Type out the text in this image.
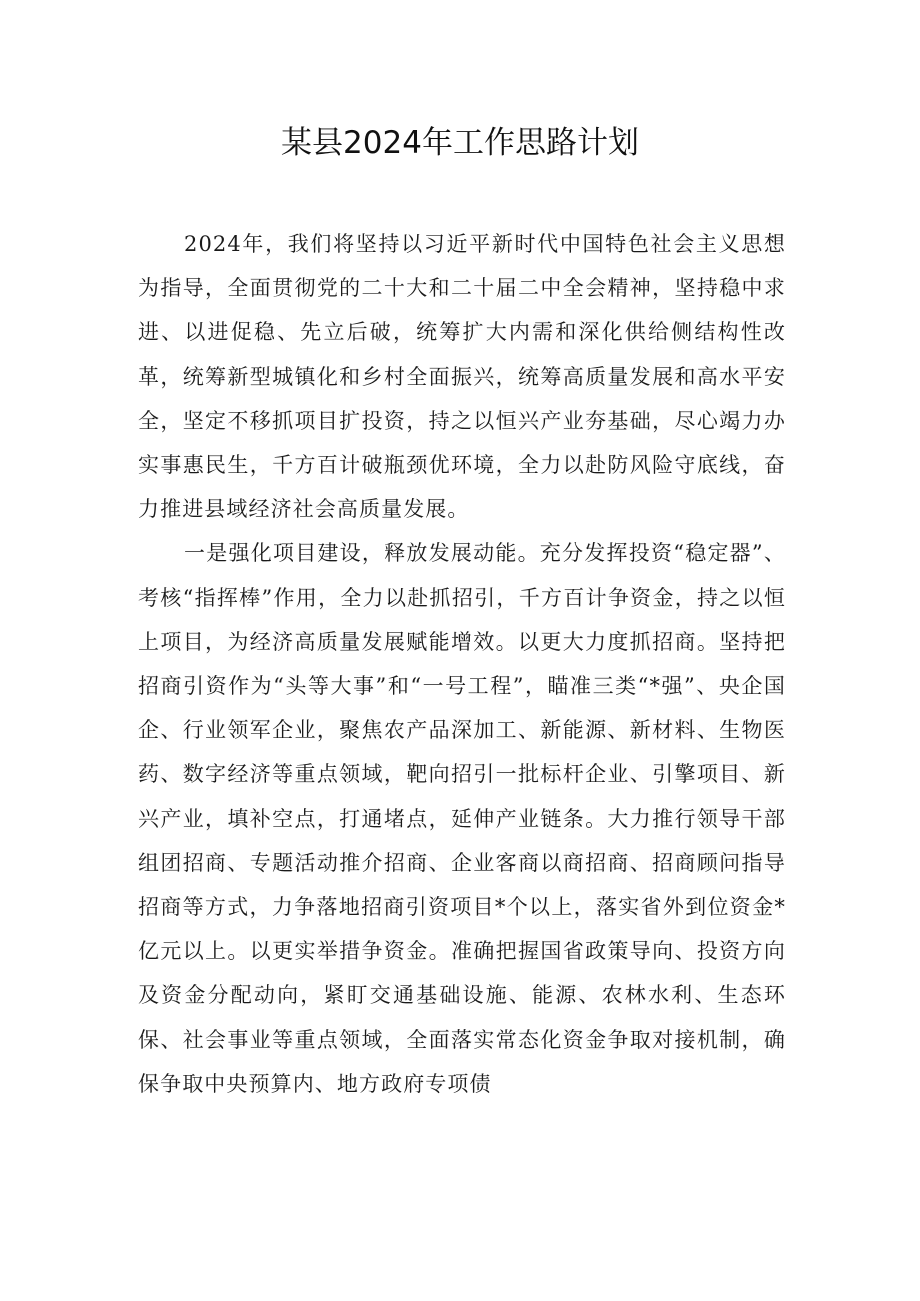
某县2024年工作思路计划

2024年，我们将坚持以习近平新时代中国特色社会主义思想为指导，全面贯彻党的二十大和二十届二中全会精神，坚持稳中求进、以进促稳、先立后破，统筹扩大内需和深化供给侧结构性改革，统筹新型城镇化和乡村全面振兴，统筹高质量发展和高水平安全，坚定不移抓项目扩投资，持之以恒兴产业夯基础，尽心竭力办实事惠民生，千方百计破瓶颈优环境，全力以赴防风险守底线，奋力推进县域经济社会高质量发展。

一是强化项目建设，释放发展动能。充分发挥投资“稳定器”、考核“指挥棒”作用，全力以赴抓招引，千方百计争资金，持之以恒上项目，为经济高质量发展赋能增效。以更大力度抓招商。坚持把招商引资作为“头等大事”和“一号工程”，瞄准三类“*强”、央企国企、行业领军企业，聚焦农产品深加工、新能源、新材料、生物医药、数字经济等重点领域，靶向招引一批标杆企业、引擎项目、新兴产业，填补空点，打通堵点，延伸产业链条。大力推行领导干部组团招商、专题活动推介招商、企业客商以商招商、招商顾问指导招商等方式，力争落地招商引资项目*个以上，落实省外到位资金*亿元以上。以更实举措争资金。准确把握国省政策导向、投资方向及资金分配动向，紧盯交通基础设施、能源、农林水利、生态环保、社会事业等重点领域，全面落实常态化资金争取对接机制，确保争取中央预算内、地方政府专项债
